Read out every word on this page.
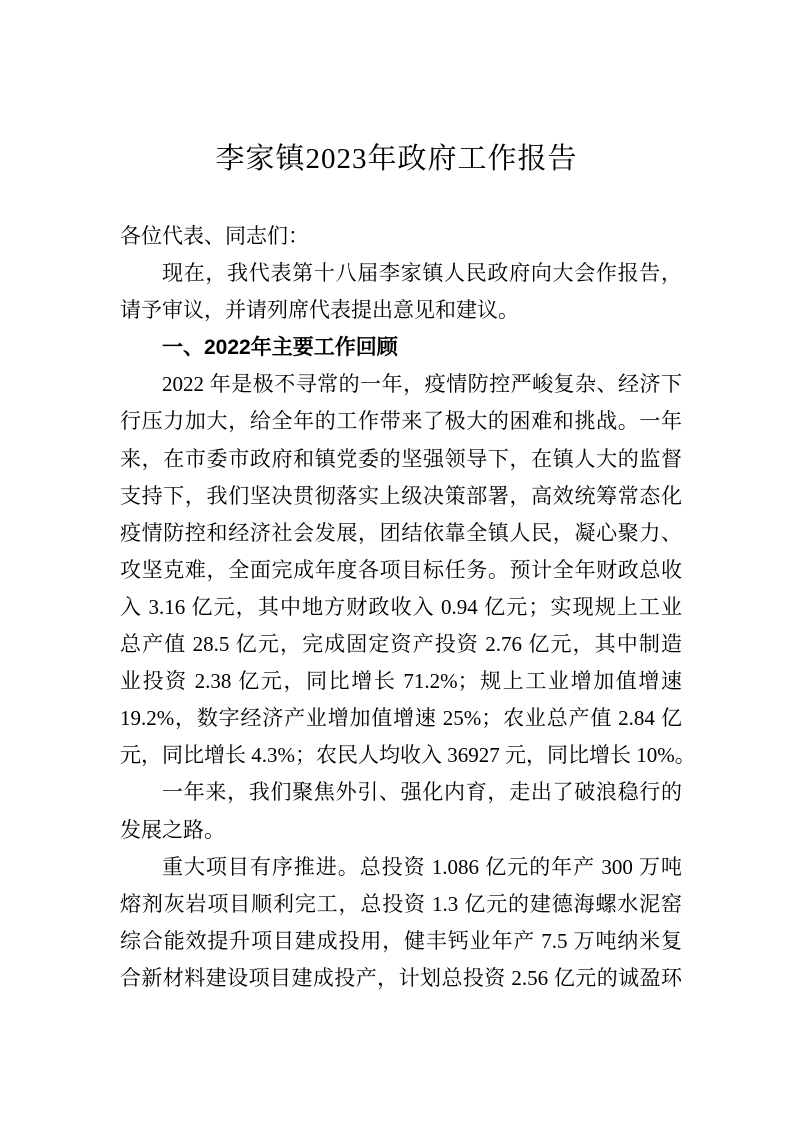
李家镇2023年政府工作报告
各位代表、同志们：
现在，我代表第十八届李家镇人民政府向大会作报告，
请予审议，并请列席代表提出意见和建议。
一、2022年主要工作回顾
2022 年是极不寻常的一年，疫情防控严峻复杂、经济下
行压力加大，给全年的工作带来了极大的困难和挑战。一年
来，在市委市政府和镇党委的坚强领导下，在镇人大的监督
支持下，我们坚决贯彻落实上级决策部署，高效统筹常态化
疫情防控和经济社会发展，团结依靠全镇人民，凝心聚力、
攻坚克难，全面完成年度各项目标任务。预计全年财政总收
入 3.16 亿元，其中地方财政收入 0.94 亿元；实现规上工业
总产值 28.5 亿元，完成固定资产投资 2.76 亿元，其中制造
业投资 2.38 亿元，同比增长 71.2%；规上工业增加值增速
19.2%，数字经济产业增加值增速 25%；农业总产值 2.84 亿
元，同比增长 4.3%；农民人均收入 36927 元，同比增长 10%。
一年来，我们聚焦外引、强化内育，走出了破浪稳行的
发展之路。
重大项目有序推进。总投资 1.086 亿元的年产 300 万吨
熔剂灰岩项目顺利完工，总投资 1.3 亿元的建德海螺水泥窑
综合能效提升项目建成投用，健丰钙业年产 7.5 万吨纳米复
合新材料建设项目建成投产，计划总投资 2.56 亿元的诚盈环
